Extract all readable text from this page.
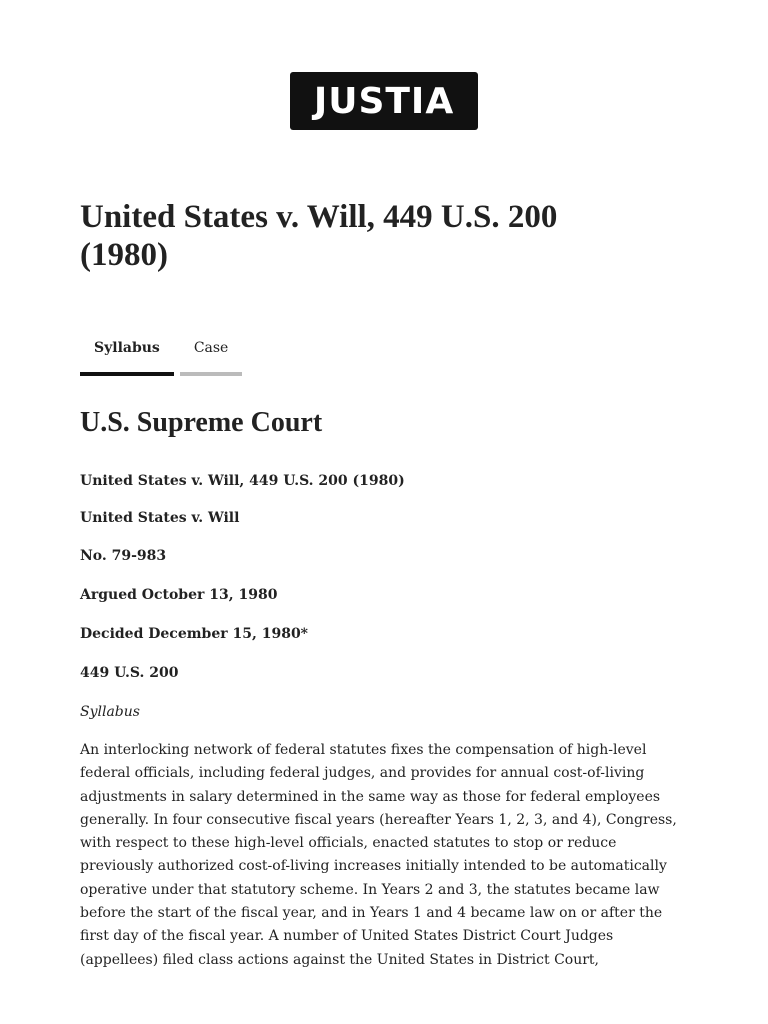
JUSTIA
United States v. Will, 449 U.S. 200 (1980)
Syllabus	Case
U.S. Supreme Court

United States v. Will, 449 U.S. 200 (1980)

United States v. Will

No. 79-983

Argued October 13, 1980

Decided December 15, 1980*

449 U.S. 200

Syllabus

An interlocking network of federal statutes fixes the compensation of high-level federal officials, including federal judges, and provides for annual cost-of-living adjustments in salary determined in the same way as those for federal employees generally. In four consecutive fiscal years (hereafter Years 1, 2, 3, and 4), Congress, with respect to these high-level officials, enacted statutes to stop or reduce previously authorized cost-of-living increases initially intended to be automatically operative under that statutory scheme. In Years 2 and 3, the statutes became law before the start of the fiscal year, and in Years 1 and 4 became law on or after the first day of the fiscal year. A number of United States District Court Judges (appellees) filed class actions against the United States in District Court,
